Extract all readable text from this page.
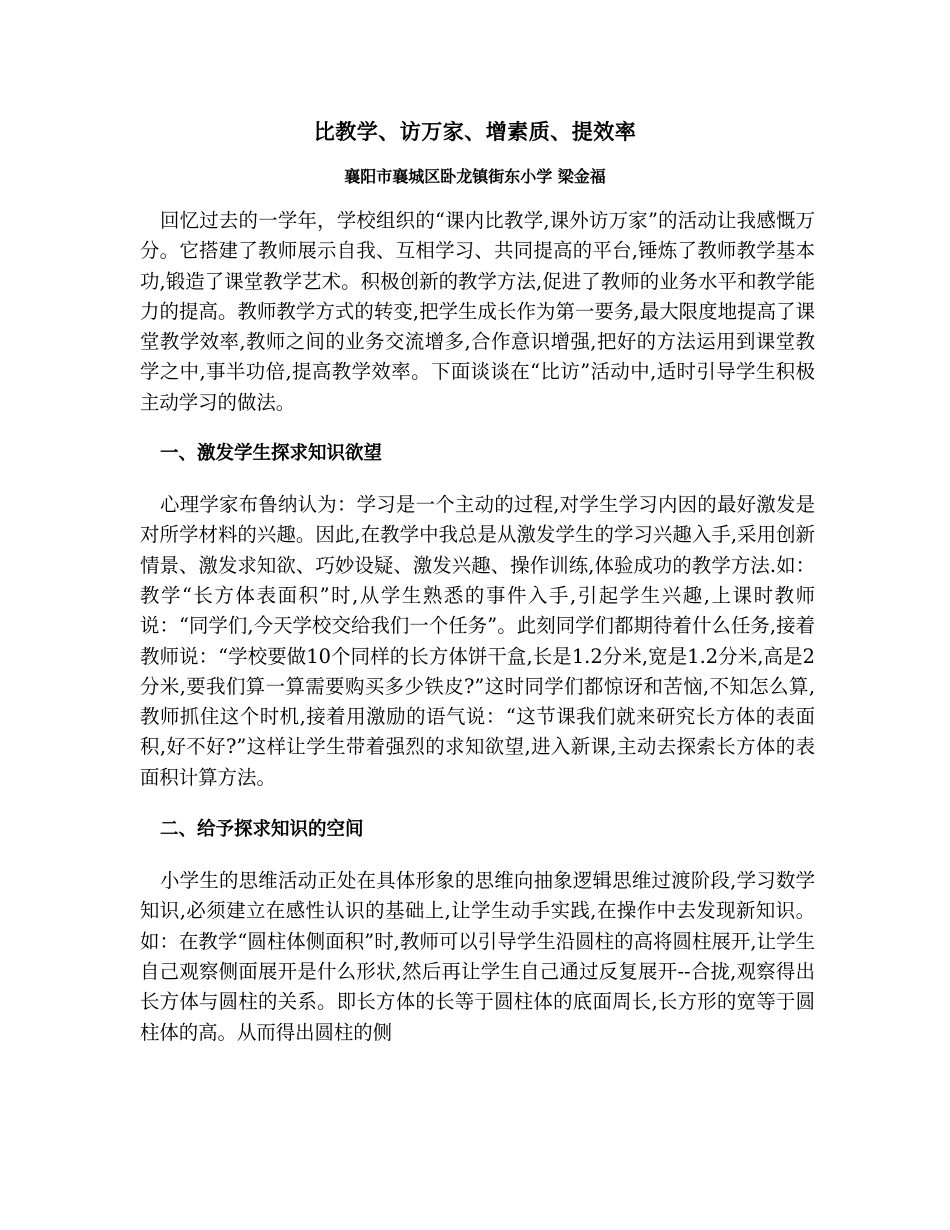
比教学、访万家、增素质、提效率
襄阳市襄城区卧龙镇街东小学 梁金福

回忆过去的一学年，学校组织的“课内比教学,课外访万家”的活动让我感慨万分。它搭建了教师展示自我、互相学习、共同提高的平台,锤炼了教师教学基本功,锻造了课堂教学艺术。积极创新的教学方法,促进了教师的业务水平和教学能力的提高。教师教学方式的转变,把学生成长作为第一要务,最大限度地提高了课堂教学效率,教师之间的业务交流增多,合作意识增强,把好的方法运用到课堂教学之中,事半功倍,提高教学效率。下面谈谈在“比访”活动中,适时引导学生积极主动学习的做法。

一、激发学生探求知识欲望

心理学家布鲁纳认为：学习是一个主动的过程,对学生学习内因的最好激发是对所学材料的兴趣。因此,在教学中我总是从激发学生的学习兴趣入手,采用创新情景、激发求知欲、巧妙设疑、激发兴趣、操作训练,体验成功的教学方法.如：教学“长方体表面积”时,从学生熟悉的事件入手,引起学生兴趣,上课时教师说：“同学们,今天学校交给我们一个任务”。此刻同学们都期待着什么任务,接着教师说：“学校要做10个同样的长方体饼干盒,长是1.2分米,宽是1.2分米,高是2分米,要我们算一算需要购买多少铁皮?”这时同学们都惊讶和苦恼,不知怎么算,教师抓住这个时机,接着用激励的语气说：“这节课我们就来研究长方体的表面积,好不好?”这样让学生带着强烈的求知欲望,进入新课,主动去探索长方体的表面积计算方法。

二、给予探求知识的空间

小学生的思维活动正处在具体形象的思维向抽象逻辑思维过渡阶段,学习数学知识,必须建立在感性认识的基础上,让学生动手实践,在操作中去发现新知识。如：在教学“圆柱体侧面积”时,教师可以引导学生沿圆柱的高将圆柱展开,让学生自己观察侧面展开是什么形状,然后再让学生自己通过反复展开--合拢,观察得出长方体与圆柱的关系。即长方体的长等于圆柱体的底面周长,长方形的宽等于圆柱体的高。从而得出圆柱的侧
